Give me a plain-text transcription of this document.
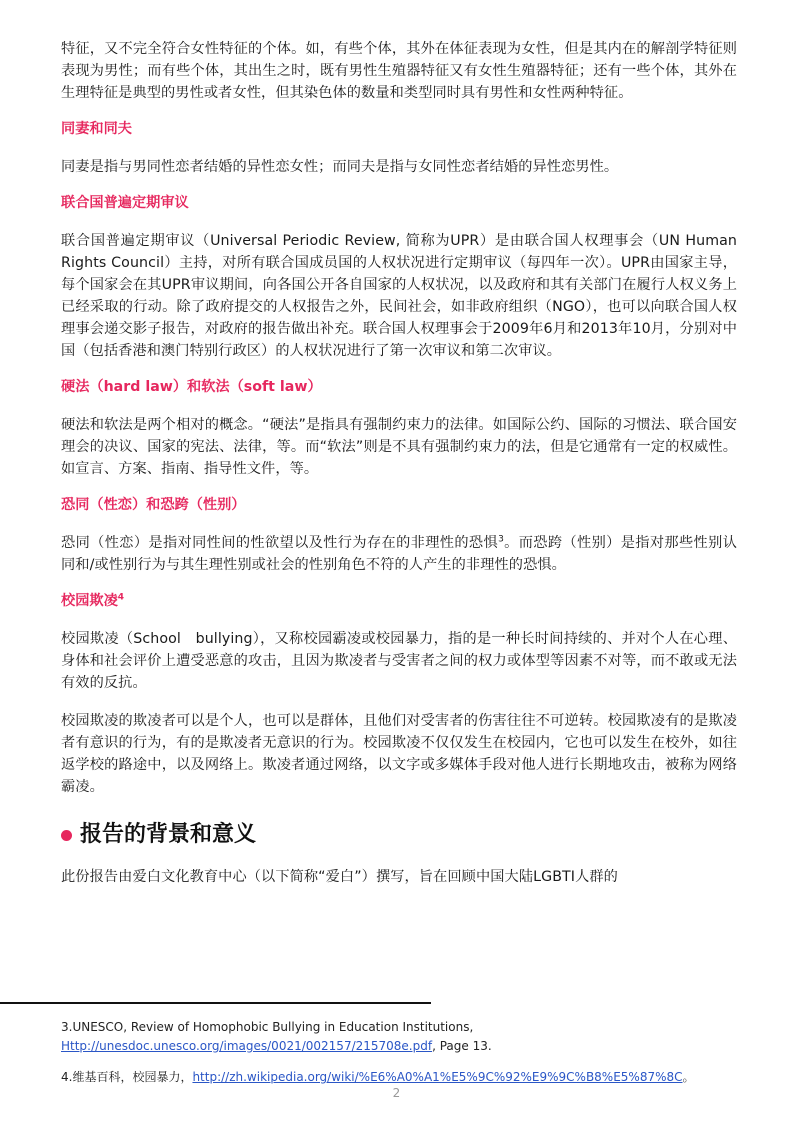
特征，又不完全符合女性特征的个体。如，有些个体，其外在体征表现为女性，但是其内在的解剖学特征则表现为男性；而有些个体，其出生之时，既有男性生殖器特征又有女性生殖器特征；还有一些个体，其外在生理特征是典型的男性或者女性，但其染色体的数量和类型同时具有男性和女性两种特征。

同妻和同夫

同妻是指与男同性恋者结婚的异性恋女性；而同夫是指与女同性恋者结婚的异性恋男性。

联合国普遍定期审议

联合国普遍定期审议（Universal Periodic Review, 简称为UPR）是由联合国人权理事会（UN Human Rights Council）主持，对所有联合国成员国的人权状况进行定期审议（每四年一次）。UPR由国家主导，每个国家会在其UPR审议期间，向各国公开各自国家的人权状况，以及政府和其有关部门在履行人权义务上已经采取的行动。除了政府提交的人权报告之外，民间社会，如非政府组织（NGO），也可以向联合国人权理事会递交影子报告，对政府的报告做出补充。联合国人权理事会于2009年6月和2013年10月，分别对中国（包括香港和澳门特别行政区）的人权状况进行了第一次审议和第二次审议。

硬法（hard law）和软法（soft law）

硬法和软法是两个相对的概念。“硬法”是指具有强制约束力的法律。如国际公约、国际的习惯法、联合国安理会的决议、国家的宪法、法律，等。而“软法”则是不具有强制约束力的法，但是它通常有一定的权威性。如宣言、方案、指南、指导性文件，等。

恐同（性恋）和恐跨（性别）

恐同（性恋）是指对同性间的性欲望以及性行为存在的非理性的恐惧$^3$。而恐跨（性别）是指对那些性别认同和/或性别行为与其生理性别或社会的性别角色不符的人产生的非理性的恐惧。

校园欺凌$^4$

校园欺凌（School　bullying），又称校园霸凌或校园暴力，指的是一种长时间持续的、并对个人在心理、身体和社会评价上遭受恶意的攻击，且因为欺凌者与受害者之间的权力或体型等因素不对等，而不敢或无法有效的反抗。

校园欺凌的欺凌者可以是个人，也可以是群体，且他们对受害者的伤害往往不可逆转。校园欺凌有的是欺凌者有意识的行为，有的是欺凌者无意识的行为。校园欺凌不仅仅发生在校园内，它也可以发生在校外，如往返学校的路途中，以及网络上。欺凌者通过网络，以文字或多媒体手段对他人进行长期地攻击，被称为网络霸凌。

报告的背景和意义

此份报告由爱白文化教育中心（以下简称“爱白”）撰写，旨在回顾中国大陆LGBTI人群的

3.UNESCO, Review of Homophobic Bullying in Education Institutions, Http://unesdoc.unesco.org/images/0021/002157/215708e.pdf, Page 13.

4.维基百科，校园暴力，http://zh.wikipedia.org/wiki/%E6%A0%A1%E5%9C%92%E9%9C%B8%E5%87%8C。

2
